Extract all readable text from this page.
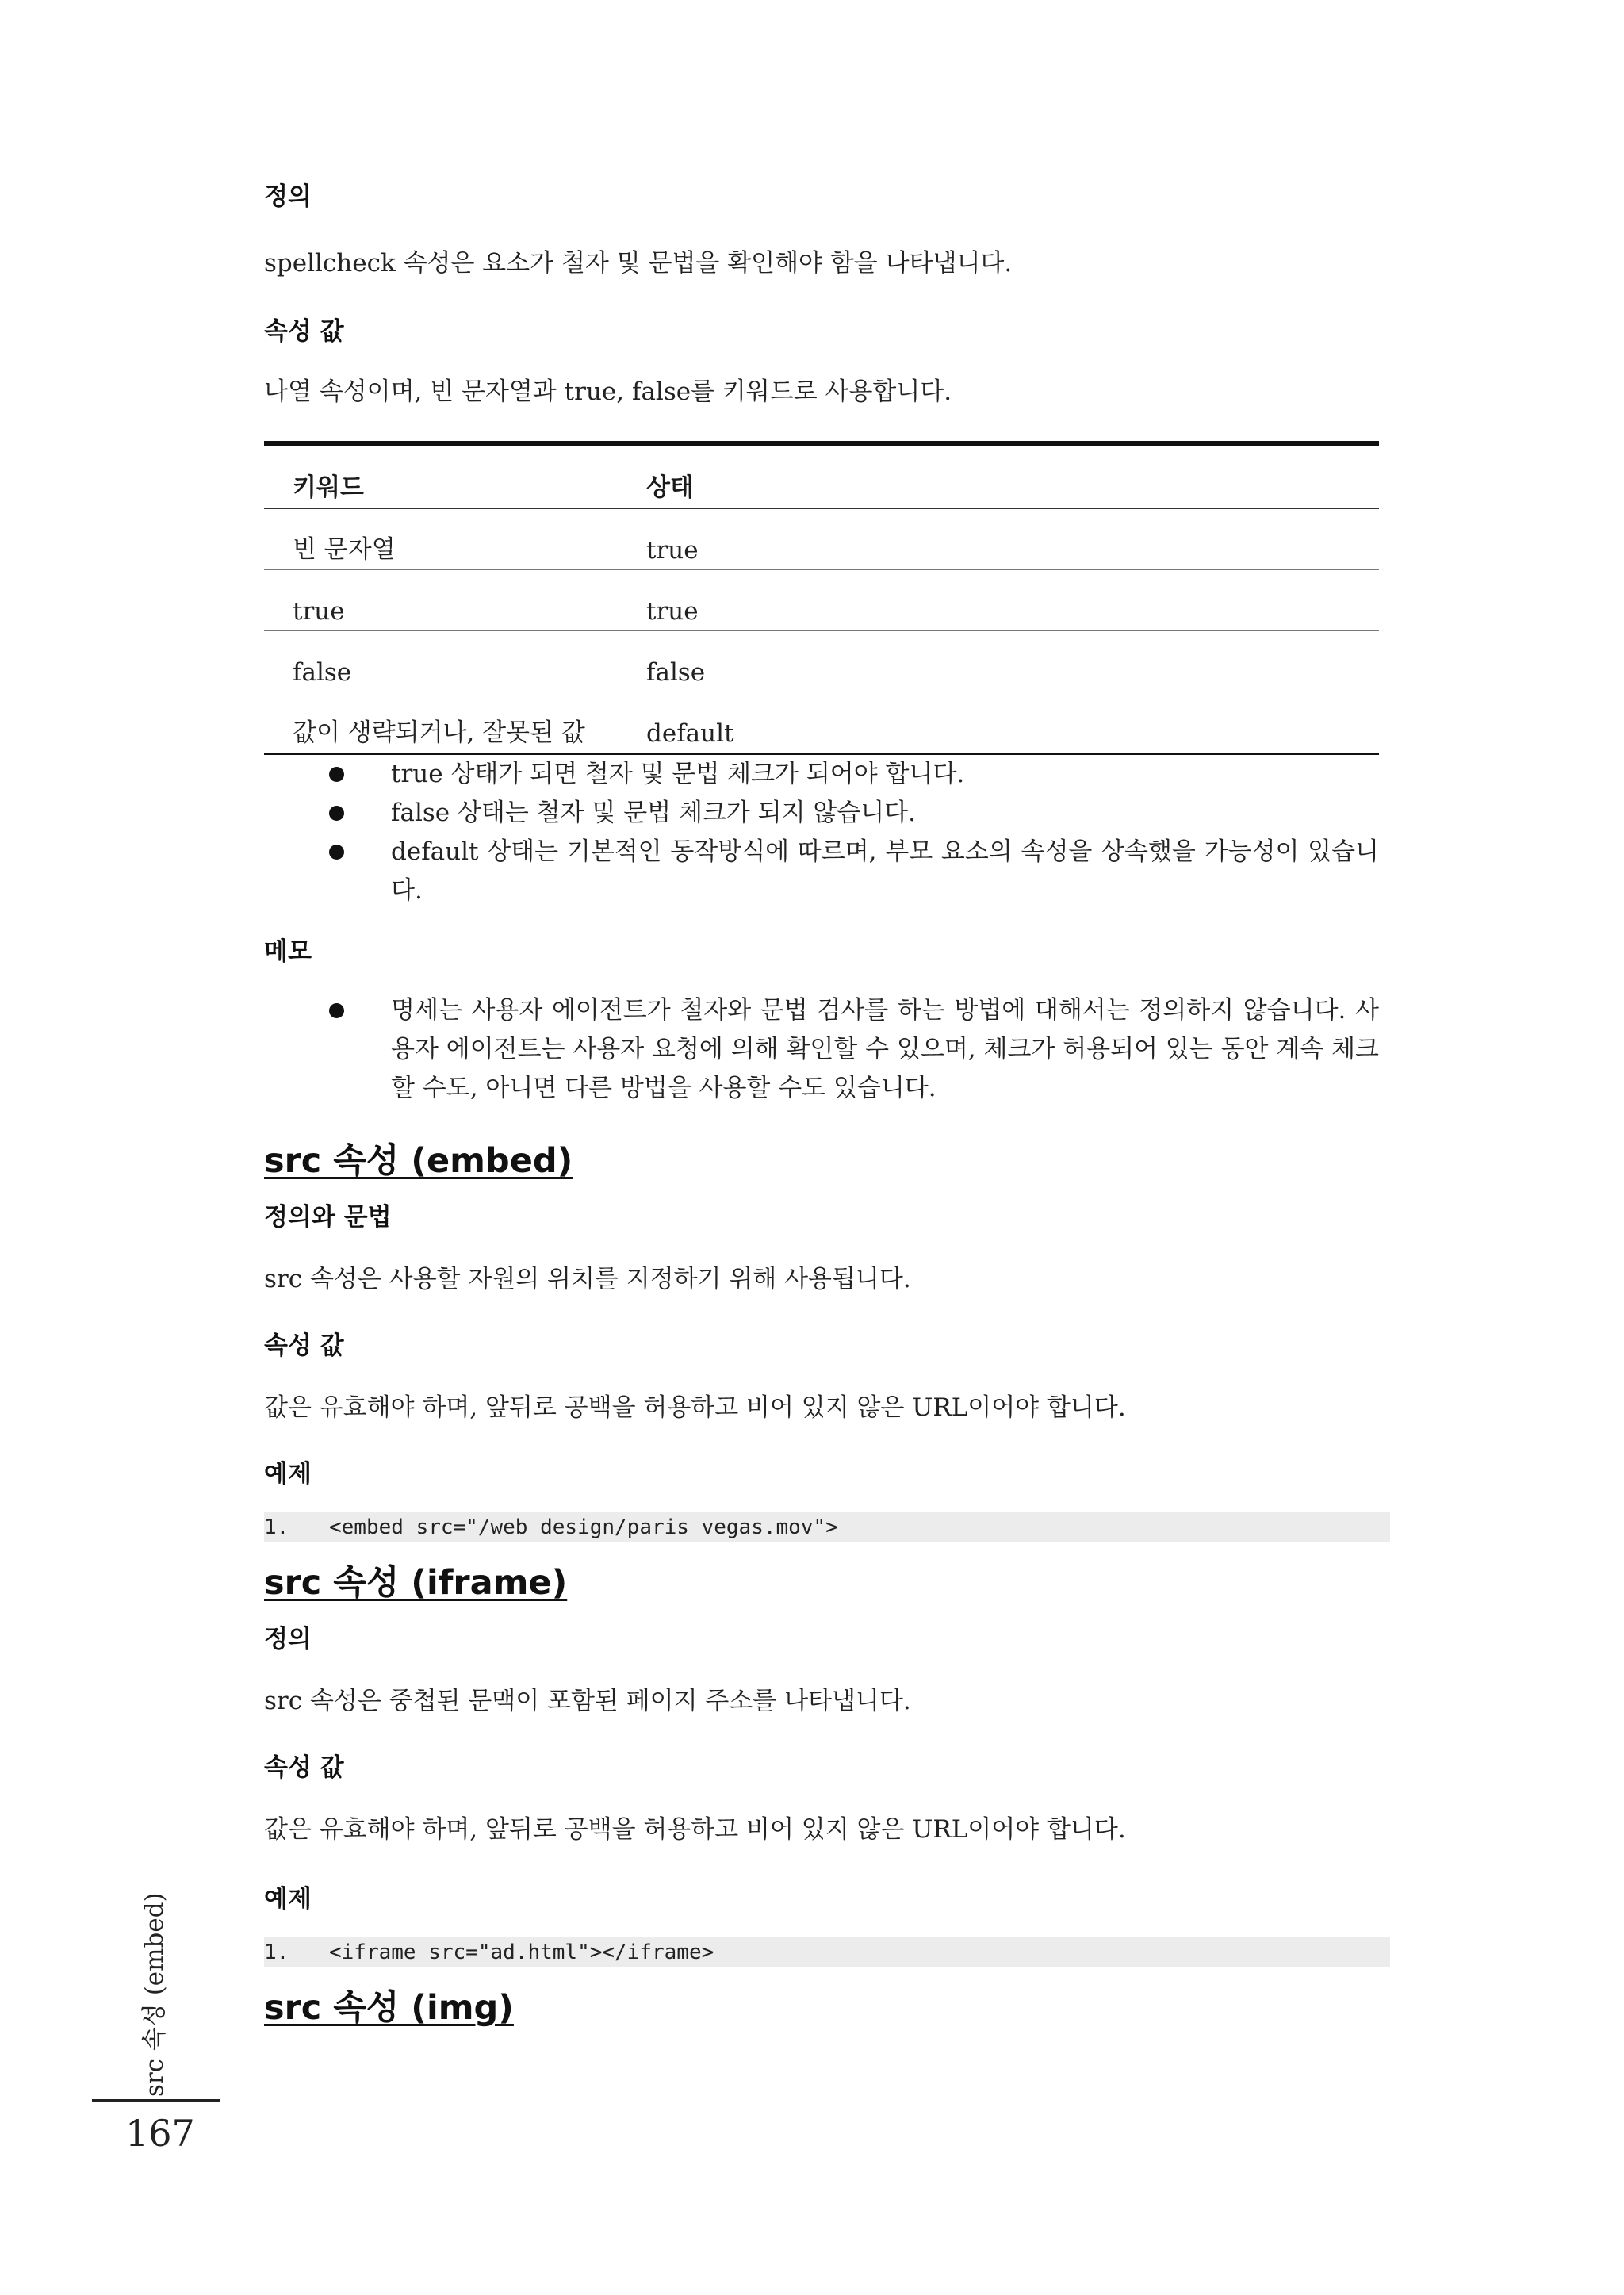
정의

spellcheck 속성은 요소가 철자 및 문법을 확인해야 함을 나타냅니다.

속성 값

나열 속성이며, 빈 문자열과 true, false를 키워드로 사용합니다.

키워드	상태
빈 문자열	true
true	true
false	false
값이 생략되거나, 잘못된 값	default
true 상태가 되면 철자 및 문법 체크가 되어야 합니다.
false 상태는 철자 및 문법 체크가 되지 않습니다.
default 상태는 기본적인 동작방식에 따르며, 부모 요소의 속성을 상속했을 가능성이 있습니다.
메모
명세는 사용자 에이전트가 철자와 문법 검사를 하는 방법에 대해서는 정의하지 않습니다. 사용자 에이전트는 사용자 요청에 의해 확인할 수 있으며, 체크가 허용되어 있는 동안 계속 체크할 수도, 아니면 다른 방법을 사용할 수도 있습니다.
src 속성 (embed)
정의와 문법

src 속성은 사용할 자원의 위치를 지정하기 위해 사용됩니다.

속성 값

값은 유효해야 하며, 앞뒤로 공백을 허용하고 비어 있지 않은 URL이어야 합니다.

예제
1. <embed src="/web_design/paris_vegas.mov">
src 속성 (iframe)
정의

src 속성은 중첩된 문맥이 포함된 페이지 주소를 나타냅니다.

속성 값

값은 유효해야 하며, 앞뒤로 공백을 허용하고 비어 있지 않은 URL이어야 합니다.

예제
1. <iframe src="ad.html"></iframe>
src 속성 (img)
src 속성 (embed)
167
